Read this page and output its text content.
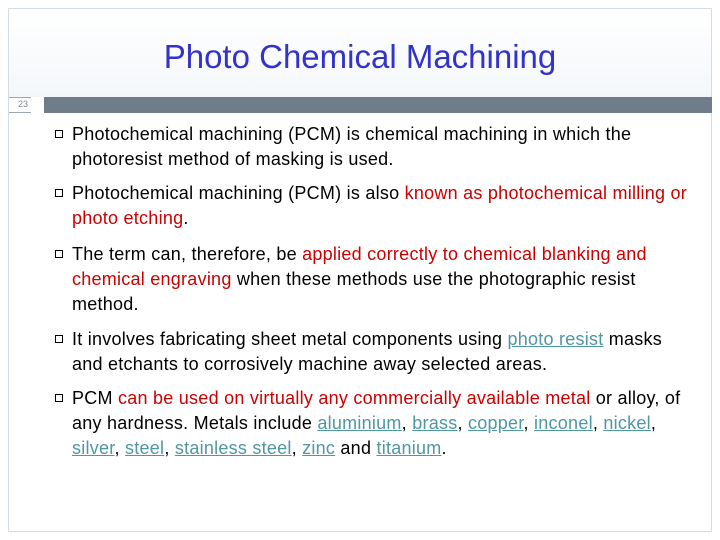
Photo Chemical Machining
23
Photochemical machining (PCM) is chemical machining in which the photoresist method of masking is used.
Photochemical machining (PCM) is also known as photochemical milling or photo etching.
The term can, therefore, be applied correctly to chemical blanking and chemical engraving when these methods use the photographic resist method.
It involves fabricating sheet metal components using photo resist masks and etchants to corrosively machine away selected areas.
PCM can be used on virtually any commercially available metal or alloy, of any hardness. Metals include aluminium, brass, copper, inconel, nickel, silver, steel, stainless steel, zinc and titanium.
